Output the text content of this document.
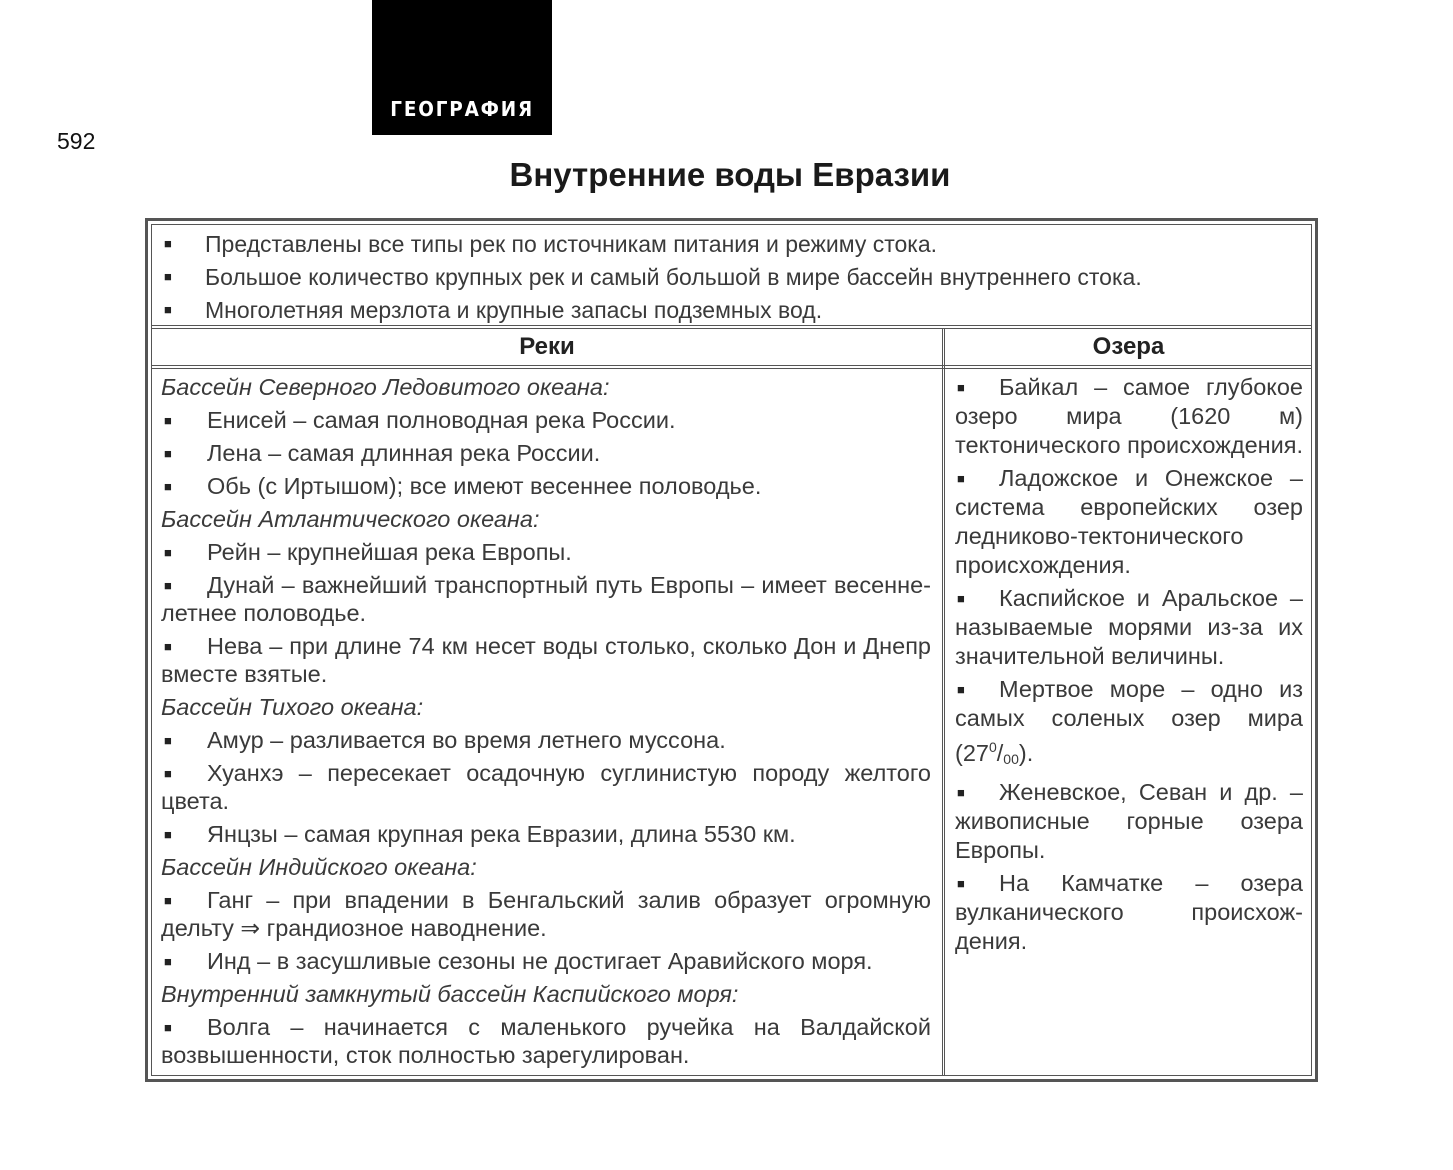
592
ГЕОГРАФИЯ
Внутренние воды Евразии
■ Представлены все типы рек по источникам питания и режиму стока.
■ Большое количество крупных рек и самый большой в мире бассейн внутреннего стока.
■ Многолетняя мерзлота и крупные запасы подземных вод.
Реки	Озера
Бассейн Северного Ледовитого океана:
■ Енисей – самая полноводная река России.
■ Лена – самая длинная река России.
■ Обь (с Иртышом); все имеют весеннее половодье.
Бассейн Атлантического океана:
■ Рейн – крупнейшая река Европы.
■ Дунай – важнейший транспортный путь Европы – имеет весенне-летнее половодье.
■ Нева – при длине 74 км несет воды столько, сколько Дон и Днепр вместе взятые.
Бассейн Тихого океана:
■ Амур – разливается во время летнего муссона.
■ Хуанхэ – пересекает осадочную суглинистую породу желтого цвета.
■ Янцзы – самая крупная река Евразии, длина 5530 км.
Бассейн Индийского океана:
■ Ганг – при впадении в Бенгальский залив образует огромную дельту ⇒ грандиозное наводнение.
■ Инд – в засушливые сезоны не достигает Аравийского моря.
Внутренний замкнутый бассейн Каспийского моря:
■ Волга – начинается с маленького ручейка на Валдайской возвышенности, сток полностью зарегулирован.
■ Байкал – самое глубокое озеро мира (1620 м) тектонического происхождения.
■ Ладожское и Онежское – система европейских озер ледниково-тектонического происхождения.
■ Каспийское и Аральское – называемые морями из-за их значительной величины.
■ Мертвое море – одно из самых соленых озер мира $(27^0/_{00})$.
■ Женевское, Севан и др. – живописные горные озера Европы.
■ На Камчатке – озера вулканического происхождения.
